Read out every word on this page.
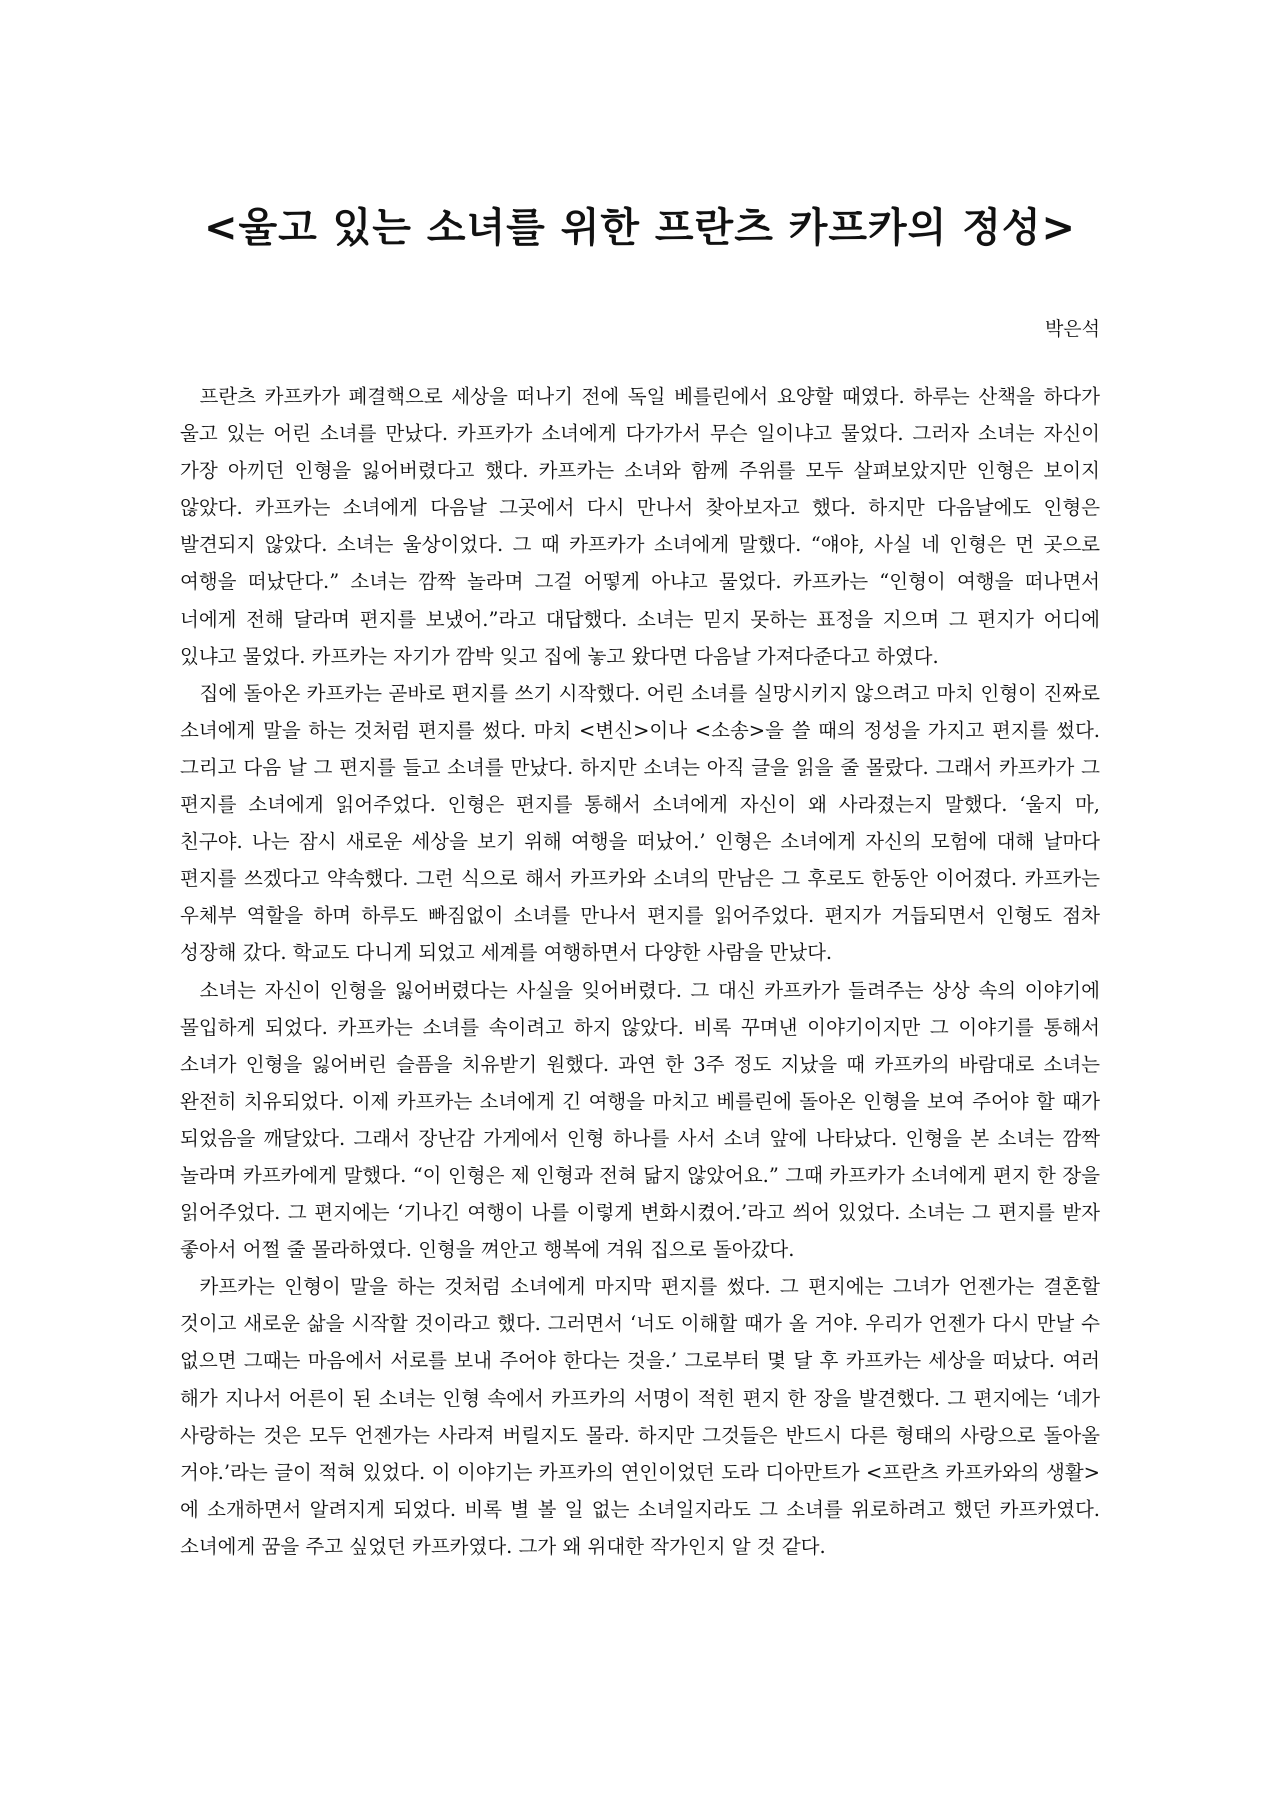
<울고 있는 소녀를 위한 프란츠 카프카의 정성>

박은석

프란츠 카프카가 폐결핵으로 세상을 떠나기 전에 독일 베를린에서 요양할 때였다. 하루는 산책을 하다가 울고 있는 어린 소녀를 만났다. 카프카가 소녀에게 다가가서 무슨 일이냐고 물었다. 그러자 소녀는 자신이 가장 아끼던 인형을 잃어버렸다고 했다. 카프카는 소녀와 함께 주위를 모두 살펴보았지만 인형은 보이지 않았다. 카프카는 소녀에게 다음날 그곳에서 다시 만나서 찾아보자고 했다. 하지만 다음날에도 인형은 발견되지 않았다. 소녀는 울상이었다. 그 때 카프카가 소녀에게 말했다. “얘야, 사실 네 인형은 먼 곳으로 여행을 떠났단다.” 소녀는 깜짝 놀라며 그걸 어떻게 아냐고 물었다. 카프카는 “인형이 여행을 떠나면서 너에게 전해 달라며 편지를 보냈어.”라고 대답했다. 소녀는 믿지 못하는 표정을 지으며 그 편지가 어디에 있냐고 물었다. 카프카는 자기가 깜박 잊고 집에 놓고 왔다면 다음날 가져다준다고 하였다.

집에 돌아온 카프카는 곧바로 편지를 쓰기 시작했다. 어린 소녀를 실망시키지 않으려고 마치 인형이 진짜로 소녀에게 말을 하는 것처럼 편지를 썼다. 마치 <변신>이나 <소송>을 쓸 때의 정성을 가지고 편지를 썼다. 그리고 다음 날 그 편지를 들고 소녀를 만났다. 하지만 소녀는 아직 글을 읽을 줄 몰랐다. 그래서 카프카가 그 편지를 소녀에게 읽어주었다. 인형은 편지를 통해서 소녀에게 자신이 왜 사라졌는지 말했다. ‘울지 마, 친구야. 나는 잠시 새로운 세상을 보기 위해 여행을 떠났어.’ 인형은 소녀에게 자신의 모험에 대해 날마다 편지를 쓰겠다고 약속했다. 그런 식으로 해서 카프카와 소녀의 만남은 그 후로도 한동안 이어졌다. 카프카는 우체부 역할을 하며 하루도 빠짐없이 소녀를 만나서 편지를 읽어주었다. 편지가 거듭되면서 인형도 점차 성장해 갔다. 학교도 다니게 되었고 세계를 여행하면서 다양한 사람을 만났다.

소녀는 자신이 인형을 잃어버렸다는 사실을 잊어버렸다. 그 대신 카프카가 들려주는 상상 속의 이야기에 몰입하게 되었다. 카프카는 소녀를 속이려고 하지 않았다. 비록 꾸며낸 이야기이지만 그 이야기를 통해서 소녀가 인형을 잃어버린 슬픔을 치유받기 원했다. 과연 한 3주 정도 지났을 때 카프카의 바람대로 소녀는 완전히 치유되었다. 이제 카프카는 소녀에게 긴 여행을 마치고 베를린에 돌아온 인형을 보여 주어야 할 때가 되었음을 깨달았다. 그래서 장난감 가게에서 인형 하나를 사서 소녀 앞에 나타났다. 인형을 본 소녀는 깜짝 놀라며 카프카에게 말했다. “이 인형은 제 인형과 전혀 닮지 않았어요.” 그때 카프카가 소녀에게 편지 한 장을 읽어주었다. 그 편지에는 ‘기나긴 여행이 나를 이렇게 변화시켰어.’라고 씌어 있었다. 소녀는 그 편지를 받자 좋아서 어쩔 줄 몰라하였다. 인형을 껴안고 행복에 겨워 집으로 돌아갔다.

카프카는 인형이 말을 하는 것처럼 소녀에게 마지막 편지를 썼다. 그 편지에는 그녀가 언젠가는 결혼할 것이고 새로운 삶을 시작할 것이라고 했다. 그러면서 ‘너도 이해할 때가 올 거야. 우리가 언젠가 다시 만날 수 없으면 그때는 마음에서 서로를 보내 주어야 한다는 것을.’ 그로부터 몇 달 후 카프카는 세상을 떠났다. 여러 해가 지나서 어른이 된 소녀는 인형 속에서 카프카의 서명이 적힌 편지 한 장을 발견했다. 그 편지에는 ‘네가 사랑하는 것은 모두 언젠가는 사라져 버릴지도 몰라. 하지만 그것들은 반드시 다른 형태의 사랑으로 돌아올 거야.’라는 글이 적혀 있었다. 이 이야기는 카프카의 연인이었던 도라 디아만트가 <프란츠 카프카와의 생활>에 소개하면서 알려지게 되었다. 비록 별 볼 일 없는 소녀일지라도 그 소녀를 위로하려고 했던 카프카였다. 소녀에게 꿈을 주고 싶었던 카프카였다. 그가 왜 위대한 작가인지 알 것 같다.
